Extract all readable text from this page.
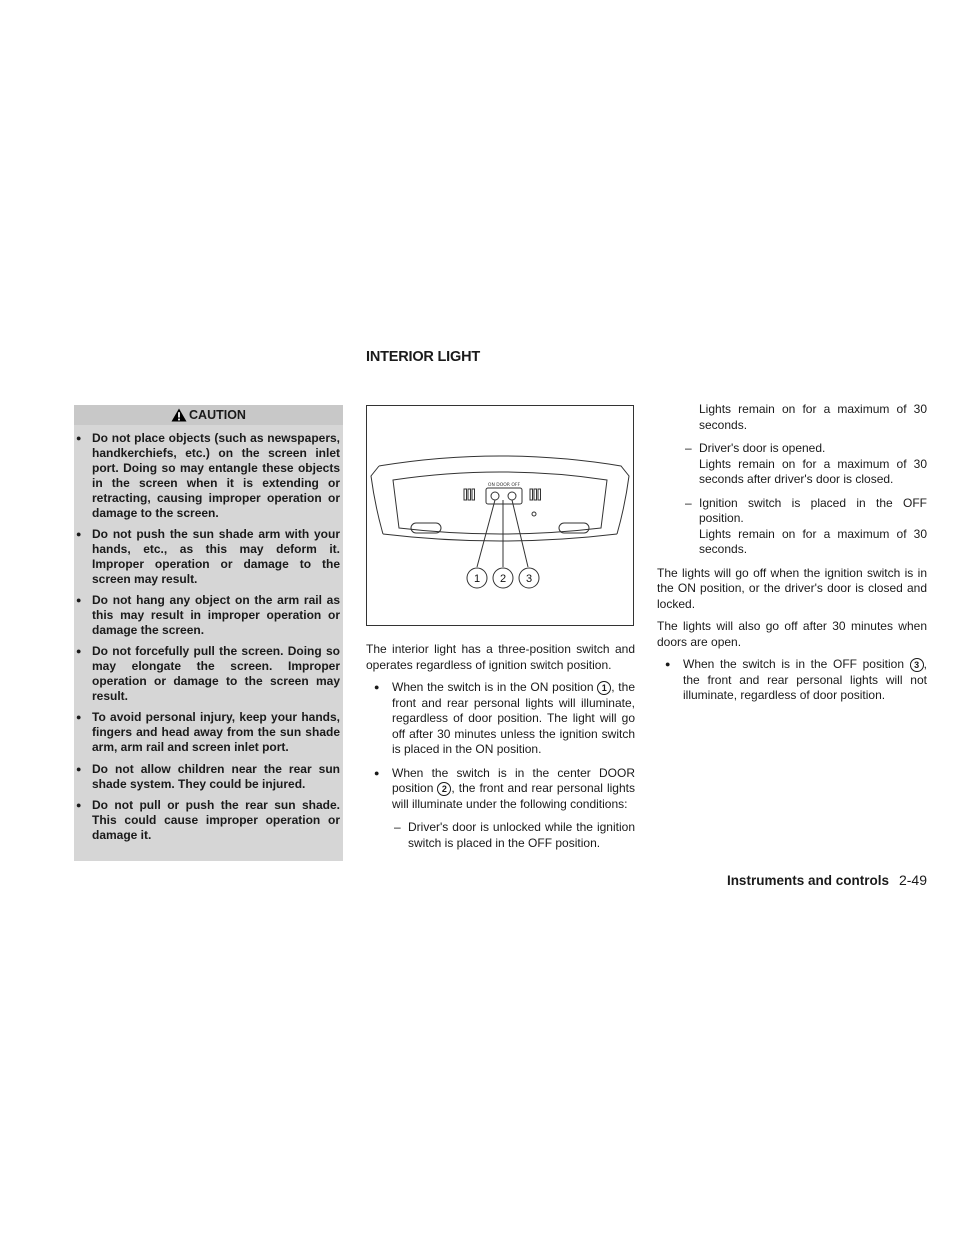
INTERIOR LIGHT
CAUTION
● Do not place objects (such as newspapers, handkerchiefs, etc.) on the screen inlet port. Doing so may entangle these objects in the screen when it is extending or retracting, causing improper operation or damage to the screen.
● Do not push the sun shade arm with your hands, etc., as this may deform it. Improper operation or damage to the screen may result.
● Do not hang any object on the arm rail as this may result in improper operation or damage the screen.
● Do not forcefully pull the screen. Doing so may elongate the screen. Improper operation or damage to the screen may result.
● To avoid personal injury, keep your hands, fingers and head away from the sun shade arm, arm rail and screen inlet port.
● Do not allow children near the rear sun shade system. They could be injured.
● Do not pull or push the rear sun shade. This could cause improper operation or damage it.
ON DOOR OFF
1 2 3

The interior light has a three-position switch and operates regardless of ignition switch position.

● When the switch is in the ON position 1 , the front and rear personal lights will illuminate, regardless of door position. The light will go off after 30 minutes unless the ignition switch is placed in the ON position.
● When the switch is in the center DOOR position 2 , the front and rear personal lights will illuminate under the following conditions:
– Driver's door is unlocked while the ignition switch is placed in the OFF position.
Lights remain on for a maximum of 30 seconds.
– Driver's door is opened.
Lights remain on for a maximum of 30 seconds after driver's door is closed.
– Ignition switch is placed in the OFF position.
Lights remain on for a maximum of 30 seconds.

The lights will go off when the ignition switch is in the ON position, or the driver's door is closed and locked.

The lights will also go off after 30 minutes when doors are open.

● When the switch is in the OFF position 3 , the front and rear personal lights will not illuminate, regardless of door position.
Instruments and controls 2-49
